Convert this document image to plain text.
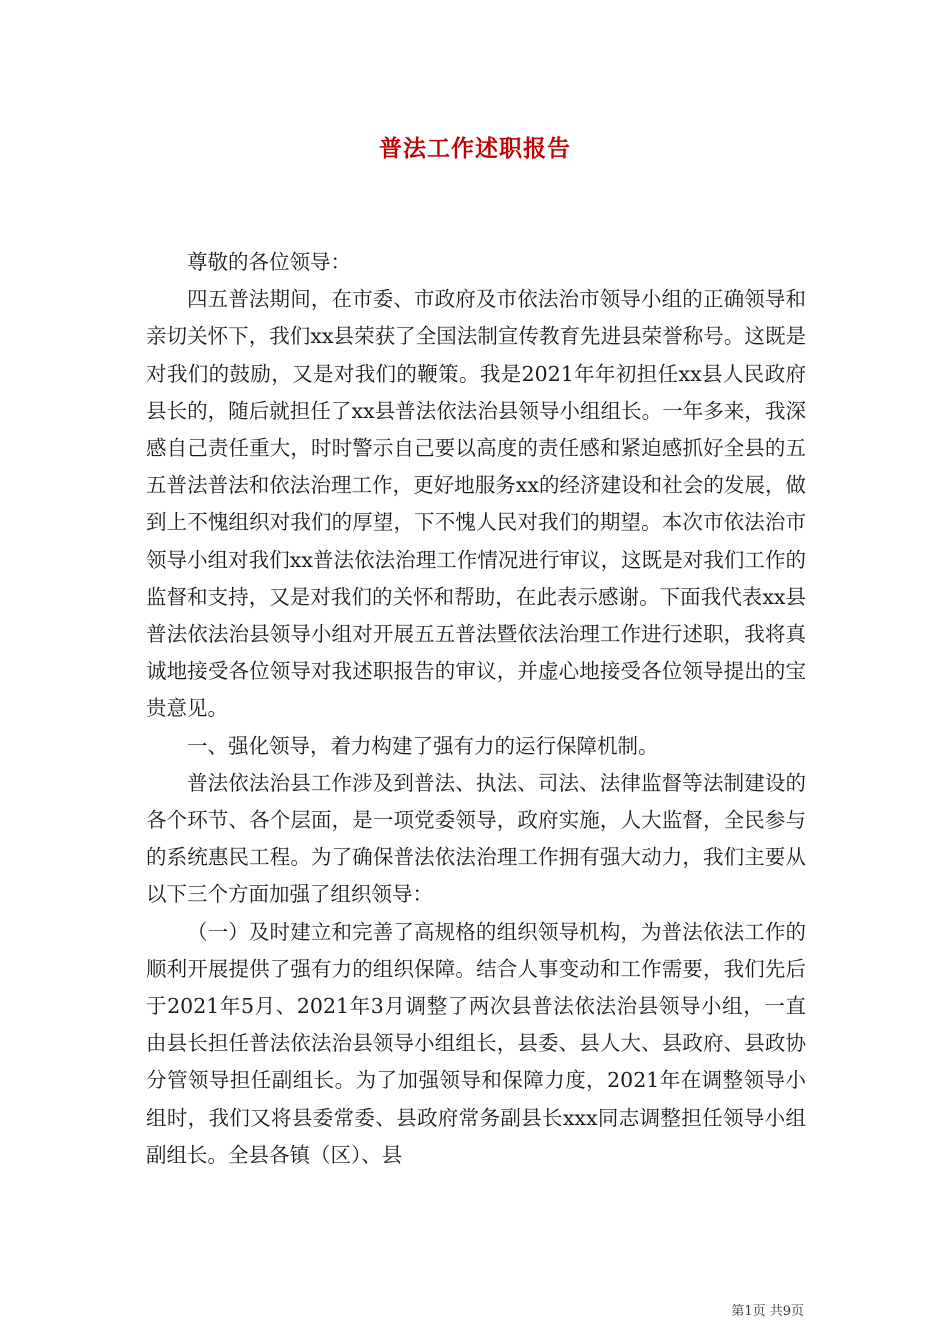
普法工作述职报告

尊敬的各位领导：

四五普法期间，在市委、市政府及市依法治市领导小组的正确领导和亲切关怀下，我们xx县荣获了全国法制宣传教育先进县荣誉称号。这既是对我们的鼓励，又是对我们的鞭策。我是2021年年初担任xx县人民政府县长的，随后就担任了xx县普法依法治县领导小组组长。一年多来，我深感自己责任重大，时时警示自己要以高度的责任感和紧迫感抓好全县的五五普法普法和依法治理工作，更好地服务xx的经济建设和社会的发展，做到上不愧组织对我们的厚望，下不愧人民对我们的期望。本次市依法治市领导小组对我们xx普法依法治理工作情况进行审议，这既是对我们工作的监督和支持，又是对我们的关怀和帮助，在此表示感谢。下面我代表xx县普法依法治县领导小组对开展五五普法暨依法治理工作进行述职，我将真诚地接受各位领导对我述职报告的审议，并虚心地接受各位领导提出的宝贵意见。

一、强化领导，着力构建了强有力的运行保障机制。

普法依法治县工作涉及到普法、执法、司法、法律监督等法制建设的各个环节、各个层面，是一项党委领导，政府实施，人大监督，全民参与的系统惠民工程。为了确保普法依法治理工作拥有强大动力，我们主要从以下三个方面加强了组织领导：

（一）及时建立和完善了高规格的组织领导机构，为普法依法工作的顺利开展提供了强有力的组织保障。结合人事变动和工作需要，我们先后于2021年5月、2021年3月调整了两次县普法依法治县领导小组，一直由县长担任普法依法治县领导小组组长，县委、县人大、县政府、县政协分管领导担任副组长。为了加强领导和保障力度，2021年在调整领导小组时，我们又将县委常委、县政府常务副县长xxx同志调整担任领导小组副组长。全县各镇（区）、县

第1页 共9页
